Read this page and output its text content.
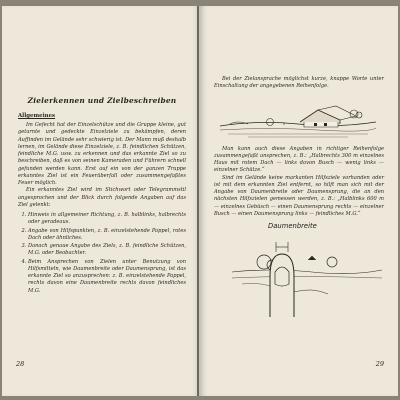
Zielerkennen und Zielbeschreiben
Allgemeines

Im Gefecht hat der Einzelschütze und die Gruppe kleine, gut getarnte und gedeckte Einzelziele zu bekämpfen, deren Auffinden im Gelände sehr schwierig ist. Der Mann muß deshalb lernen, im Gelände diese Einzelziele, z. B. feindlichen Schützen, feindliche M.G. usw. zu erkennen und das erkannte Ziel so zu beschreiben, daß es von seinen Kameraden und Führern schnell gefunden werden kann. Erst auf ein von der ganzen Truppe erkanntes Ziel ist ein Feuerüberfall oder zusammengefaßtes Feuer möglich.

Ein erkanntes Ziel wird im Stichwort oder Telegrammstil angesprochen und der Blick durch folgende Angaben auf das Ziel gelenkt:

1. Hinweis in allgemeiner Richtung, z. B. halblinks, halbrechts oder geradeaus.
2. Angabe von Hilfspunkten, z. B. einzelstehende Pappel, rotes Dach oder ähnliches.
3. Danach genaue Angabe des Ziels, z. B. feindliche Schützen, M.G. oder Beobachter.
4. Beim Ansprechen von Zielen unter Benutzung von Hilfsmitteln, wie Daumenbreite oder Daumensprung, ist das erkannte Ziel so anzusprechen: z. B. einzelstehende Pappel, rechts davon eine Daumenbreite rechts davon feindliches M.G.
28

Bei der Zielansprache möglichst kurze, knappe Worte unter Einschaltung der angegebenen Reihenfolge.

Man kann auch diese Angaben in richtiger Reihenfolge zusammengefaßt ansprechen, z. B.: „Halbrechts 300 m einzelnes Haus mit rotem Dach — links davon Busch — wenig links — einzelner Schütze.“

Sind im Gelände keine markanten Hilfsziele vorhanden oder ist mit dem erkannten Ziel entfernt, so hilft man sich mit der Angabe von Daumenbreite oder Daumensprung, die an den nächsten Hilfszielen gemessen werden, z. B.: „Halblinks 600 m — einzelnes Gebüsch — einen Daumensprung rechts — einzelner Busch — einen Daumensprung links — feindliches M.G.“

Daumenbreite
29
